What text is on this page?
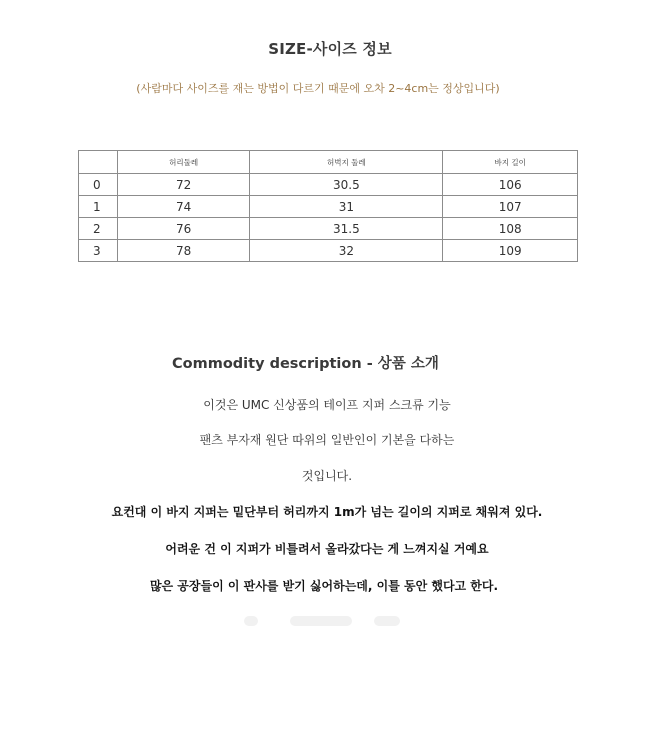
SIZE-사이즈 정보
(사람마다 사이즈를 재는 방법이 다르기 때문에 오차 2~4cm는 정상입니다)
	허리둘레	허벅지 둘레	바지 길이
0	72	30.5	106
1	74	31	107
2	76	31.5	108
3	78	32	109
Commodity description - 상품 소개
이것은 UMC 신상품의 테이프 지퍼 스크류 기능
팬츠 부자재 원단 따위의 일반인이 기본을 다하는
것입니다.
요컨대 이 바지 지퍼는 밑단부터 허리까지 1m가 넘는 길이의 지퍼로 채워져 있다.
어려운 건 이 지퍼가 비틀려서 올라갔다는 게 느껴지실 거예요
많은 공장들이 이 판사를 받기 싫어하는데, 이틀 동안 했다고 한다.
